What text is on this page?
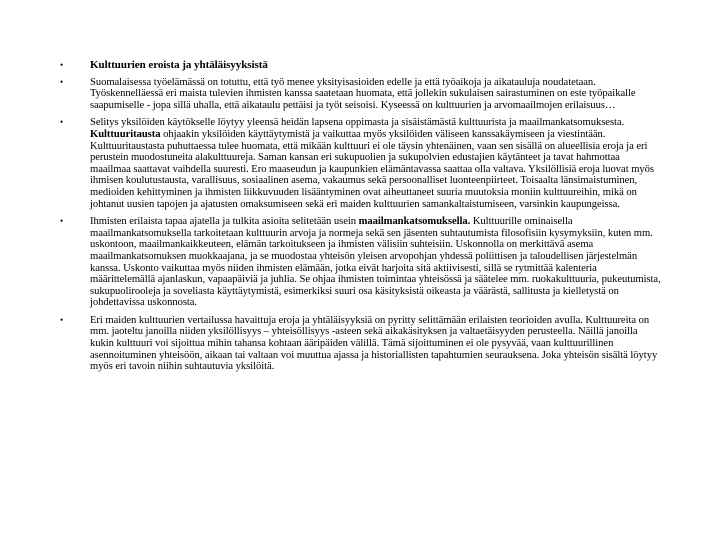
• Kulttuurien eroista ja yhtäläisyyksistä
•	Suomalaisessa työelämässä on totuttu, että työ menee yksityisasioiden edelle ja että työaikoja ja aikatauluja noudatetaan. Työskennelläessä eri maista tulevien ihmisten kanssa saatetaan huomata, että jollekin sukulaisen sairastuminen on este työpaikalle saapumiselle - jopa sillä uhalla, että aikataulu pettäisi ja työt seisoisi. Kyseessä on kulttuurien ja arvomaailmojen erilaisuus…
•	Selitys yksilöiden käytökselle löytyy yleensä heidän lapsena oppimasta ja sisäistämästä kulttuurista ja maailmankatsomuksesta. Kulttuuritausta ohjaakin yksilöiden käyttäytymistä ja vaikuttaa myös yksilöiden väliseen kanssakäymiseen ja viestintään. Kulttuuritaustasta puhuttaessa tulee huomata, että mikään kulttuuri ei ole täysin yhtenäinen, vaan sen sisällä on alueellisia eroja ja eri perustein muodostuneita alakulttuureja. Saman kansan eri sukupuolien ja sukupolvien edustajien käytänteet ja tavat hahmottaa maailmaa saattavat vaihdella suuresti. Ero maaseudun ja kaupunkien elämäntavassa saattaa olla valtava. Yksilöllisiä eroja luovat myös ihmisen koulutustausta, varallisuus, sosiaalinen asema, vakaumus sekä persoonalliset luonteenpiirteet. Toisaalta länsimaistuminen, medioiden kehittyminen ja ihmisten liikkuvuuden lisääntyminen ovat aiheuttaneet suuria muutoksia moniin kulttuureihin, mikä on johtanut uusien tapojen ja ajatusten omaksumiseen sekä eri maiden kulttuurien samankaltaistumiseen, varsinkin kaupungeissa.
•	Ihmisten erilaista tapaa ajatella ja tulkita asioita selitetään usein maailmankatsomuksella. Kulttuurille ominaisella maailmankatsomuksella tarkoitetaan kulttuurin arvoja ja normeja sekä sen jäsenten suhtautumista filosofisiin kysymyksiin, kuten mm. uskontoon, maailmankaikkeuteen, elämän tarkoitukseen ja ihmisten välisiin suhteisiin. Uskonnolla on merkittävä asema maailmankatsomuksen muokkaajana, ja se muodostaa yhteisön yleisen arvopohjan yhdessä poliittisen ja taloudellisen järjestelmän kanssa. Uskonto vaikuttaa myös niiden ihmisten elämään, jotka eivät harjoita sitä aktiivisesti, sillä se rytmittää kalenteria määrittelemällä ajanlaskun, vapaapäiviä ja juhlia. Se ohjaa ihmisten toimintaa yhteisössä ja säätelee mm. ruokakulttuuria, pukeutumista, sukupuolirooleja ja soveliasta käyttäytymistä, esimerkiksi suuri osa käsityksistä oikeasta ja väärästä, sallitusta ja kielletystä on johdettavissa uskonnosta.
•	Eri maiden kulttuurien vertailussa havaittuja eroja ja yhtäläisyyksiä on pyritty selittämään erilaisten teorioiden avulla. Kulttuureita on mm. jaoteltu janoilla niiden yksilöllisyys – yhteisöllisyys -asteen sekä aikakäsityksen ja valtaetäisyyden perusteella. Näillä janoilla kukin kulttuuri voi sijoittua mihin tahansa kohtaan ääripäiden välillä. Tämä sijoittuminen ei ole pysyvää, vaan kulttuurillinen asennoituminen yhteisöön, aikaan tai valtaan voi muuttua ajassa ja historiallisten tapahtumien seurauksena. Joka yhteisön sisältä löytyy myös eri tavoin niihin suhtautuvia yksilöitä.
